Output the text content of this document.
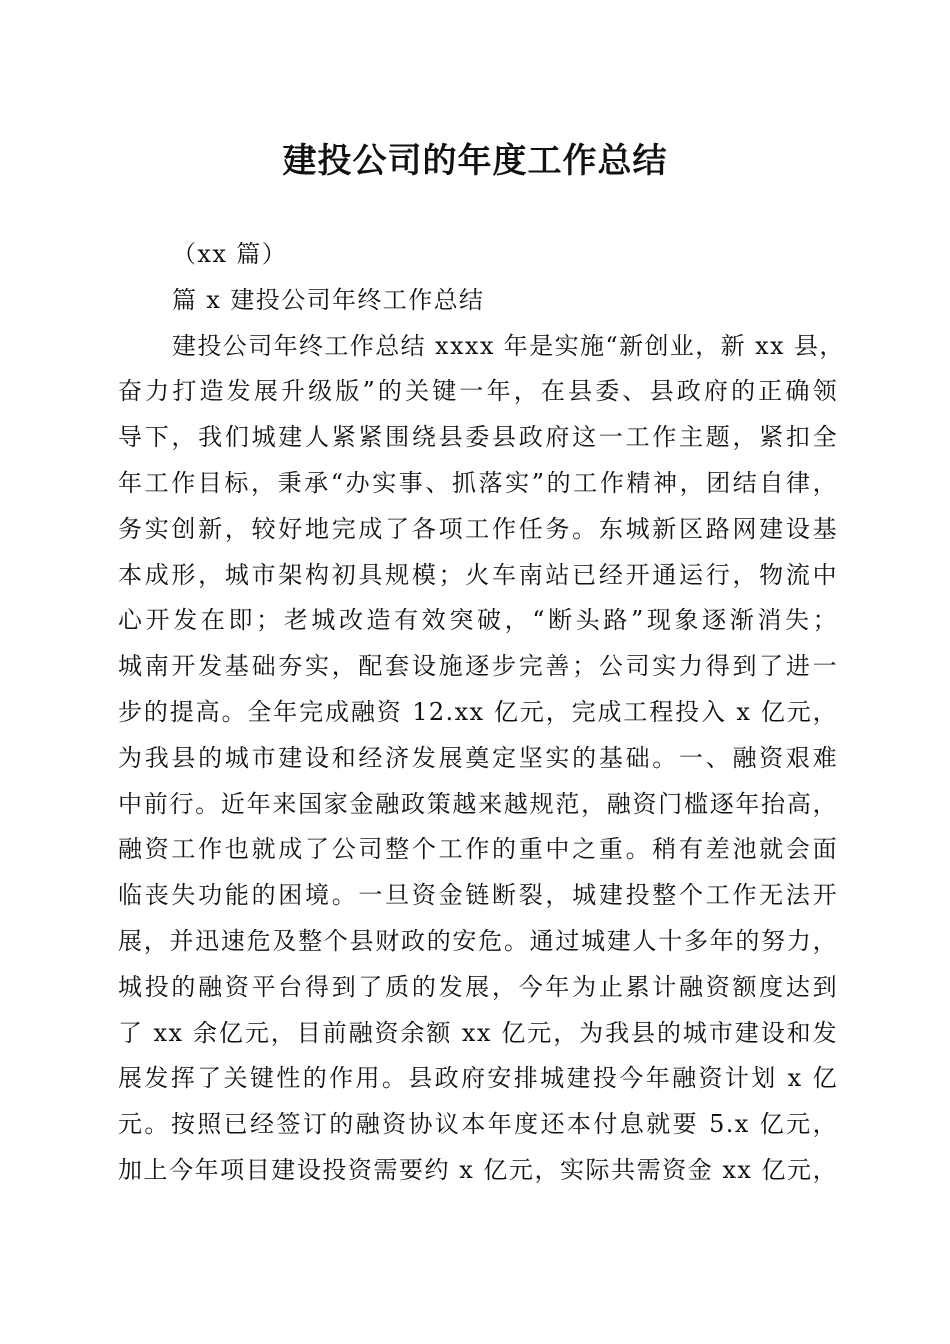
建投公司的年度工作总结
（xx 篇）
篇 x 建投公司年终工作总结
建投公司年终工作总结 xxxx 年是实施“新创业，新 xx 县，
奋力打造发展升级版”的关键一年，在县委、县政府的正确领
导下，我们城建人紧紧围绕县委县政府这一工作主题，紧扣全
年工作目标，秉承“办实事、抓落实”的工作精神，团结自律，
务实创新，较好地完成了各项工作任务。东城新区路网建设基
本成形，城市架构初具规模；火车南站已经开通运行，物流中
心开发在即；老城改造有效突破，“断头路”现象逐渐消失；
城南开发基础夯实，配套设施逐步完善；公司实力得到了进一
步的提高。全年完成融资 12.xx 亿元，完成工程投入 x 亿元，
为我县的城市建设和经济发展奠定坚实的基础。一、融资艰难
中前行。近年来国家金融政策越来越规范，融资门槛逐年抬高，
融资工作也就成了公司整个工作的重中之重。稍有差池就会面
临丧失功能的困境。一旦资金链断裂，城建投整个工作无法开
展，并迅速危及整个县财政的安危。通过城建人十多年的努力，
城投的融资平台得到了质的发展，今年为止累计融资额度达到
了 xx 余亿元，目前融资余额 xx 亿元，为我县的城市建设和发
展发挥了关键性的作用。县政府安排城建投今年融资计划 x 亿
元。按照已经签订的融资协议本年度还本付息就要 5.x 亿元，
加上今年项目建设投资需要约 x 亿元，实际共需资金 xx 亿元，
